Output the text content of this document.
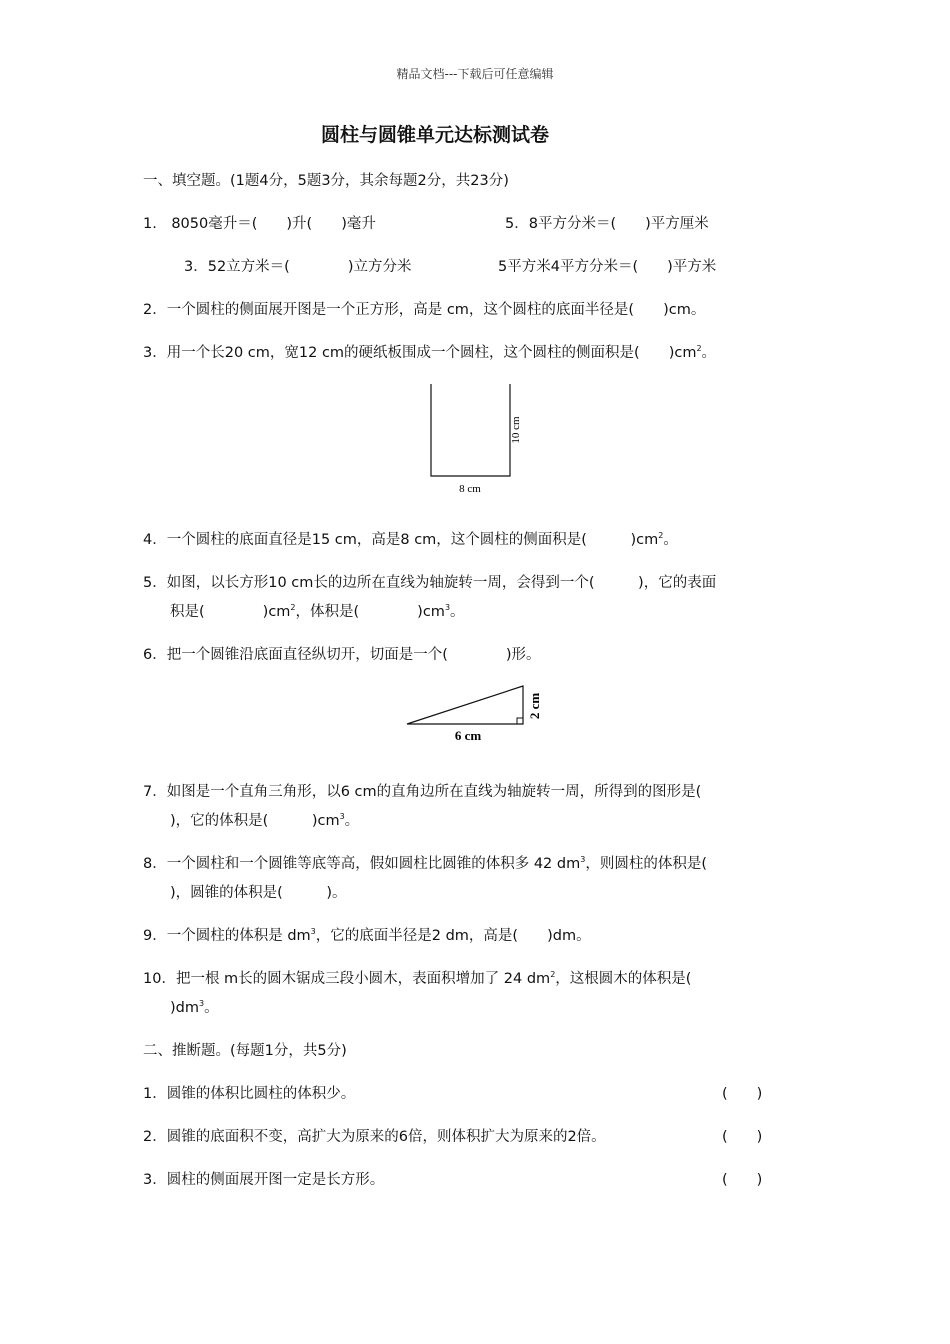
精品文档---下载后可任意编辑
圆柱与圆锥单元达标测试卷
一、填空题。(1题4分，5题3分，其余每题2分，共23分)
1.　8050毫升＝(　　)升(　　)毫升	5．8平方分米＝(　　)平方厘米
3．52立方米＝(　　　　)立方分米	5平方米4平方分米＝(　　)平方米
2．一个圆柱的侧面展开图是一个正方形，高是 cm，这个圆柱的底面半径是(　　)cm。
3．用一个长20 cm，宽12 cm的硬纸板围成一个圆柱，这个圆柱的侧面积是(　　)$cm^2$。
8 cm
10 cm
4．一个圆柱的底面直径是15 cm，高是8 cm，这个圆柱的侧面积是(　　　)$cm^2$。
5．如图，以长方形10 cm长的边所在直线为轴旋转一周，会得到一个(　　　)，它的表面
积是(　　　　)$cm^2$，体积是(　　　　)$cm^3$。
6．把一个圆锥沿底面直径纵切开，切面是一个(　　　　)形。
6 cm
2 cm
7．如图是一个直角三角形，以6 cm的直角边所在直线为轴旋转一周，所得到的图形是(
)，它的体积是(　　　)$cm^3$。
8．一个圆柱和一个圆锥等底等高，假如圆柱比圆锥的体积多 42 $dm^3$，则圆柱的体积是(
)，圆锥的体积是(　　　)。
9．一个圆柱的体积是 $dm^3$，它的底面半径是2 dm，高是(　　)dm。
10．把一根 m长的圆木锯成三段小圆木，表面积增加了 24 $dm^2$，这根圆木的体积是(
)$dm^3$。
二、推断题。(每题1分，共5分)
1．圆锥的体积比圆柱的体积少。	(　　)
2．圆锥的底面积不变，高扩大为原来的6倍，则体积扩大为原来的2倍。	(　　)
3．圆柱的侧面展开图一定是长方形。	(　　)
